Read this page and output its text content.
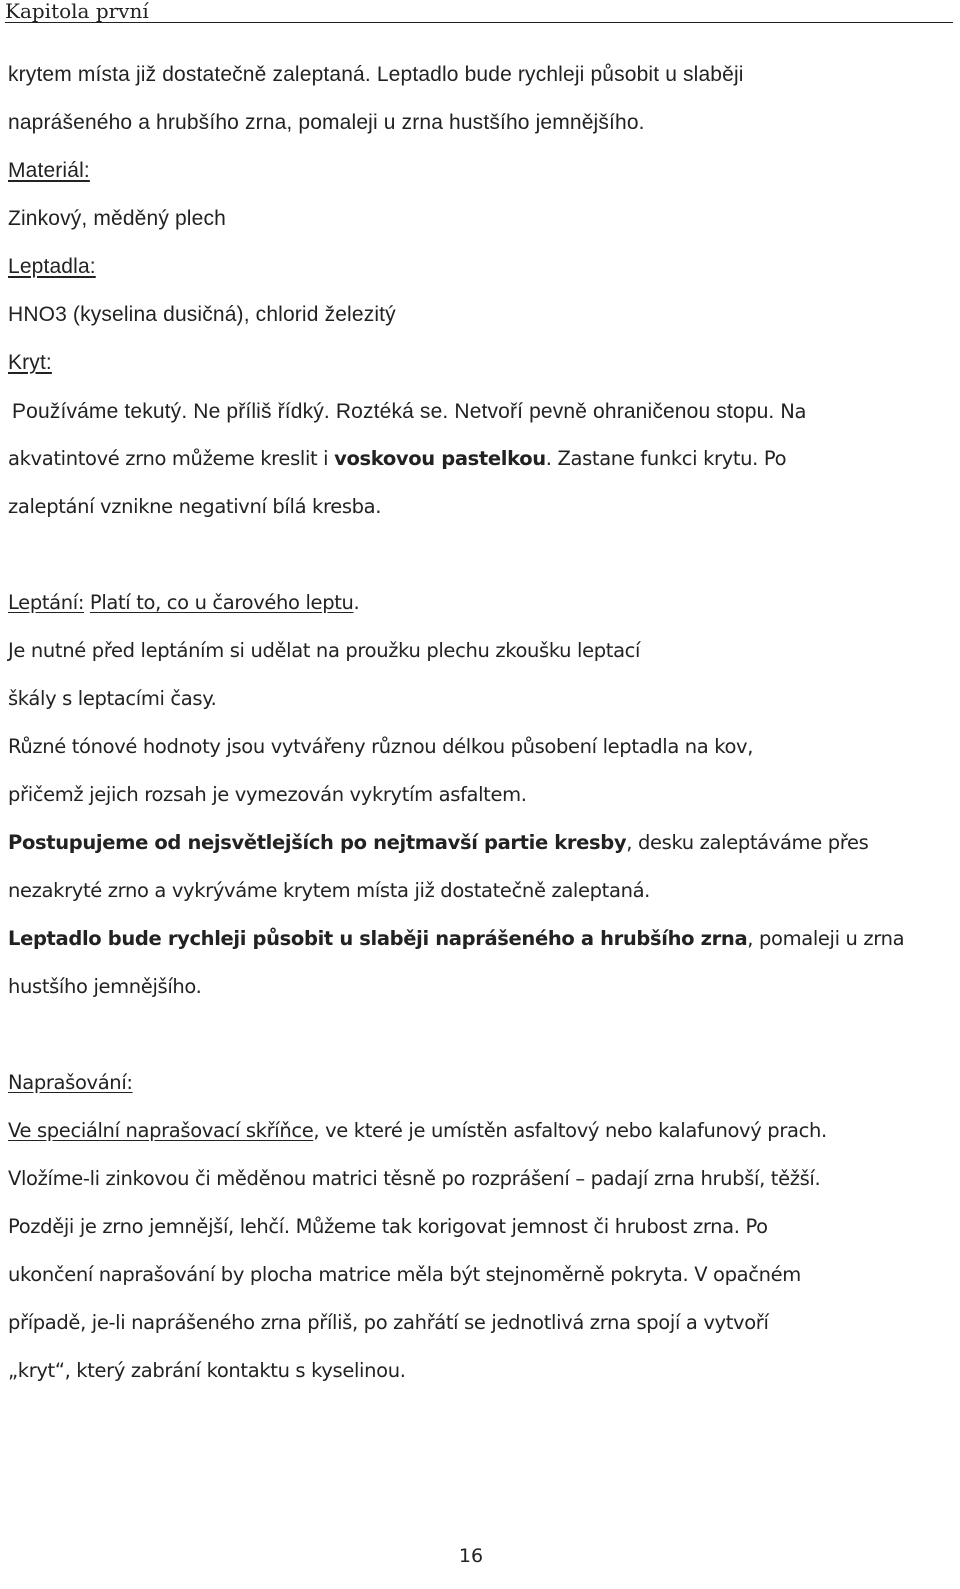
Kapitola první
krytem místa již dostatečně zaleptaná. Leptadlo bude rychleji působit u slaběji
naprášeného a hrubšího zrna, pomaleji u zrna hustšího jemnějšího.
Materiál:
Zinkový, měděný plech
Leptadla:
HNO3 (kyselina dusičná), chlorid železitý
Kryt:
Používáme tekutý. Ne příliš řídký. Roztéká se. Netvoří pevně ohraničenou stopu. Na
akvatintové zrno můžeme kreslit i voskovou pastelkou. Zastane funkci krytu. Po
zaleptání vznikne negativní bílá kresba.
Leptání: Platí to, co u čarového leptu.
Je nutné před leptáním si udělat na proužku plechu zkoušku leptací
škály s leptacími časy.
Různé tónové hodnoty jsou vytvářeny různou délkou působení leptadla na kov,
přičemž jejich rozsah je vymezován vykrytím asfaltem.
Postupujeme od nejsvětlejších po nejtmavší partie kresby, desku zaleptáváme přes
nezakryté zrno a vykrýváme krytem místa již dostatečně zaleptaná.
Leptadlo bude rychleji působit u slaběji naprášeného a hrubšího zrna, pomaleji u zrna
hustšího jemnějšího.
Naprašování:
Ve speciální naprašovací skříňce, ve které je umístěn asfaltový nebo kalafunový prach.
Vložíme-li zinkovou či měděnou matrici těsně po rozprášení – padají zrna hrubší, těžší.
Později je zrno jemnější, lehčí. Můžeme tak korigovat jemnost či hrubost zrna. Po
ukončení naprašování by plocha matrice měla být stejnoměrně pokryta. V opačném
případě, je-li naprášeného zrna příliš, po zahřátí se jednotlivá zrna spojí a vytvoří
„kryt“, který zabrání kontaktu s kyselinou.
16
